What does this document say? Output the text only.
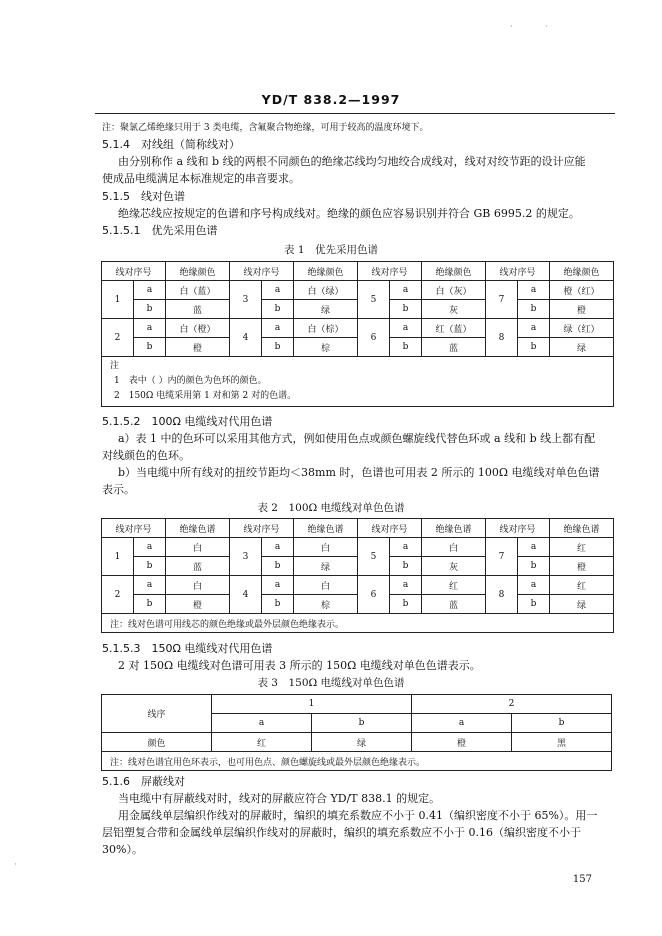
·	·
YD/T 838.2—1997
注：聚氯乙烯绝缘只用于 3 类电缆，含氟聚合物绝缘，可用于较高的温度环境下。
5.1.4　对线组（简称线对）
由分别称作 a 线和 b 线的两根不同颜色的绝缘芯线均匀地绞合成线对，线对对绞节距的设计应能
使成品电缆满足本标准规定的串音要求。
5.1.5　线对色谱
绝缘芯线应按规定的色谱和序号构成线对。绝缘的颜色应容易识别并符合 GB 6995.2 的规定。
5.1.5.1　优先采用色谱
表 1　优先采用色谱
线对序号		绝缘颜色	线对序号		绝缘颜色	线对序号		绝缘颜色	线对序号		绝缘颜色
1	a	白（蓝）	3	a	白（绿）	5	a	白（灰）	7	a	橙（红）
	b	蓝		b	绿		b	灰		b	橙
2	a	白（橙）	4	a	白（棕）	6	a	红（蓝）	8	a	绿（红）
	b	橙		b	棕		b	蓝		b	绿

注
1　表中（ ）内的颜色为色环的颜色。
2　150Ω 电缆采用第 1 对和第 2 对的色谱。											
5.1.5.2　100Ω 电缆线对代用色谱
a）表 1 中的色环可以采用其他方式，例如使用色点或颜色螺旋线代替色环或 a 线和 b 线上都有配
对线颜色的色环。
b）当电缆中所有线对的扭绞节距均＜38mm 时，色谱也可用表 2 所示的 100Ω 电缆线对单色色谱
表示。
表 2　100Ω 电缆线对单色色谱
线对序号		绝缘色谱	线对序号		绝缘色谱	线对序号		绝缘色谱	线对序号		绝缘色谱
1	a	白	3	a	白	5	a	白	7	a	红
	b	蓝		b	绿		b	灰		b	橙
2	a	白	4	a	白	6	a	红	8	a	红
	b	橙		b	棕		b	蓝		b	绿
注：线对色谱可用线芯的颜色绝缘或最外层颜色绝缘表示。											
5.1.5.3　150Ω 电缆线对代用色谱
2 对 150Ω 电缆线对色谱可用表 3 所示的 150Ω 电缆线对单色色谱表示。
表 3　150Ω 电缆线对单色色谱
线序	1		2	
	a	b	a	b
颜色	红	绿	橙	黑
注：线对色谱宜用色环表示，也可用色点、颜色螺旋线或最外层颜色绝缘表示。				
5.1.6　屏蔽线对
当电缆中有屏蔽线对时，线对的屏蔽应符合 YD/T 838.1 的规定。
用金属线单层编织作线对的屏蔽时，编织的填充系数应不小于 0.41（编织密度不小于 65%）。用一
层铝塑复合带和金属线单层编织作线对的屏蔽时，编织的填充系数应不小于 0.16（编织密度不小于
30%）。
·
157
